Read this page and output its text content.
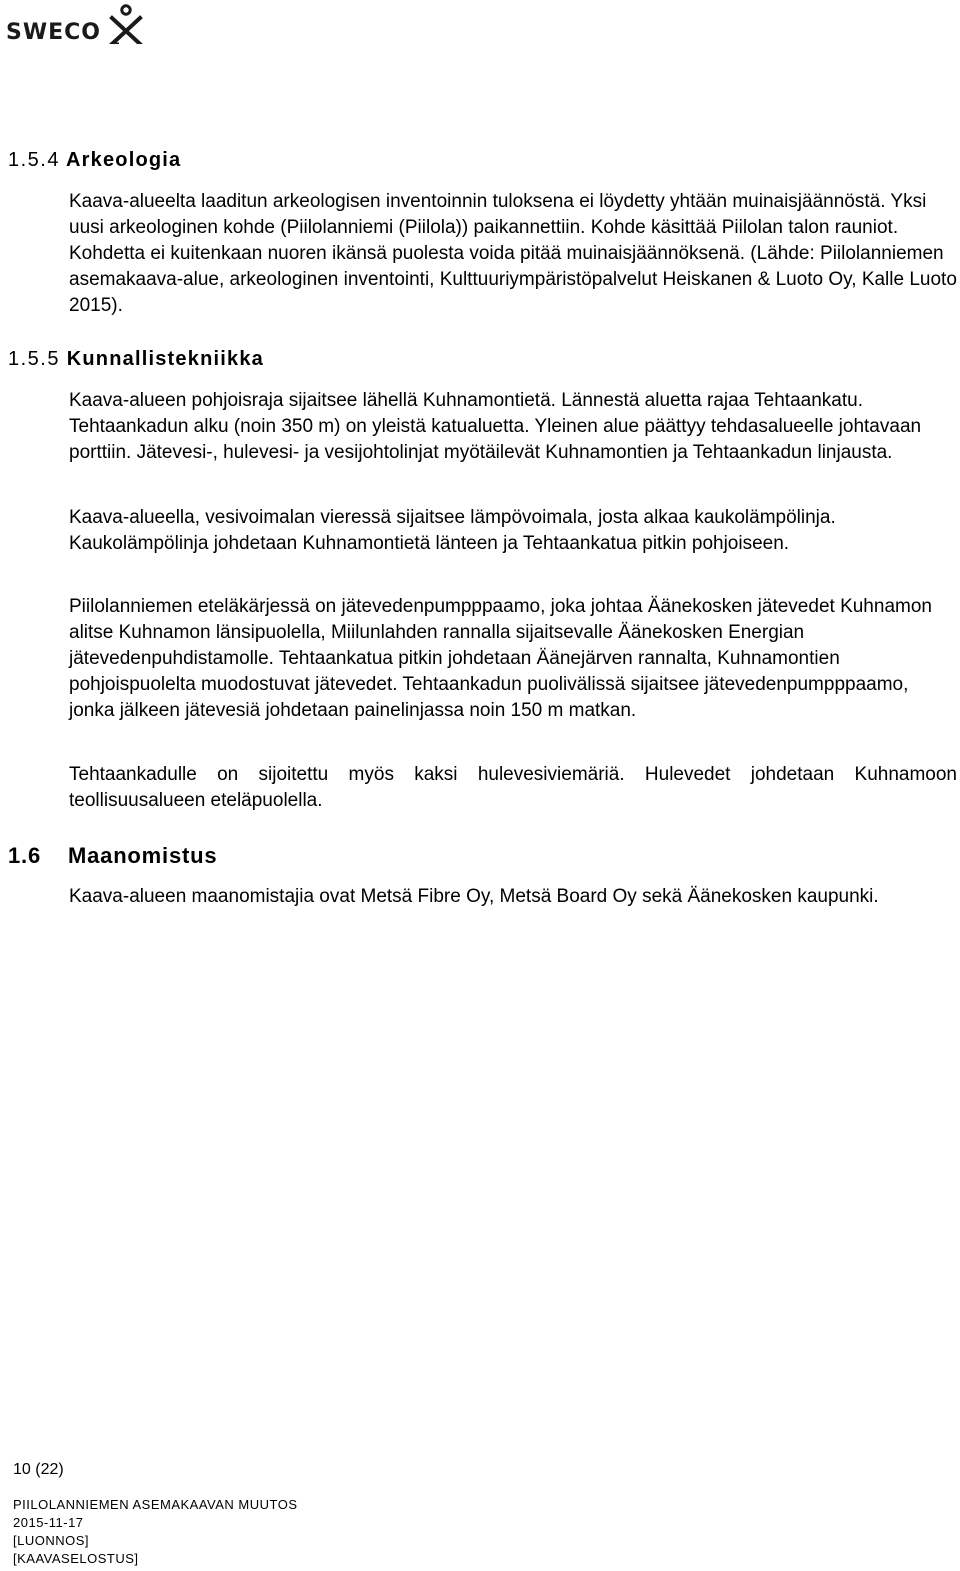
SWECO
1.5.4 Arkeologia

Kaava-alueelta laaditun arkeologisen inventoinnin tuloksena ei löydetty yhtään muinaisjäännöstä. Yksi uusi arkeologinen kohde (Piilolanniemi (Piilola)) paikannettiin. Kohde käsittää Piilolan talon rauniot. Kohdetta ei kuitenkaan nuoren ikänsä puolesta voida pitää muinaisjäännöksenä. (Lähde: Piilolanniemen asemakaava-alue, arkeologinen inventointi, Kulttuuriympäristöpalvelut Heiskanen & Luoto Oy, Kalle Luoto 2015).

1.5.5 Kunnallistekniikka

Kaava-alueen pohjoisraja sijaitsee lähellä Kuhnamontietä. Lännestä aluetta rajaa Tehtaankatu. Tehtaankadun alku (noin 350 m) on yleistä katualuetta. Yleinen alue päättyy tehdasalueelle johtavaan porttiin. Jätevesi-, hulevesi- ja vesijohtolinjat myötäilevät Kuhnamontien ja Tehtaankadun linjausta.

Kaava-alueella, vesivoimalan vieressä sijaitsee lämpövoimala, josta alkaa kaukolämpölinja. Kaukolämpölinja johdetaan Kuhnamontietä länteen ja Tehtaankatua pitkin pohjoiseen.

Piilolanniemen eteläkärjessä on jätevedenpumpppaamo, joka johtaa Äänekosken jätevedet Kuhnamon alitse Kuhnamon länsipuolella, Miilunlahden rannalla sijaitsevalle Äänekosken Energian jätevedenpuhdistamolle. Tehtaankatua pitkin johdetaan Äänejärven rannalta, Kuhnamontien pohjoispuolelta muodostuvat jätevedet. Tehtaankadun puolivälissä sijaitsee jätevedenpumpppaamo, jonka jälkeen jätevesiä johdetaan painelinjassa noin 150 m matkan.

Tehtaankadulle on sijoitettu myös kaksi hulevesiviemäriä. Hulevedet johdetaan Kuhnamoon teollisuusalueen eteläpuolella.

1.6 Maanomistus

Kaava-alueen maanomistajia ovat Metsä Fibre Oy, Metsä Board Oy sekä Äänekosken kaupunki.

10 (22)
PIILOLANNIEMEN ASEMAKAAVAN MUUTOS
2015-11-17
[LUONNOS]
[KAAVASELOSTUS]
